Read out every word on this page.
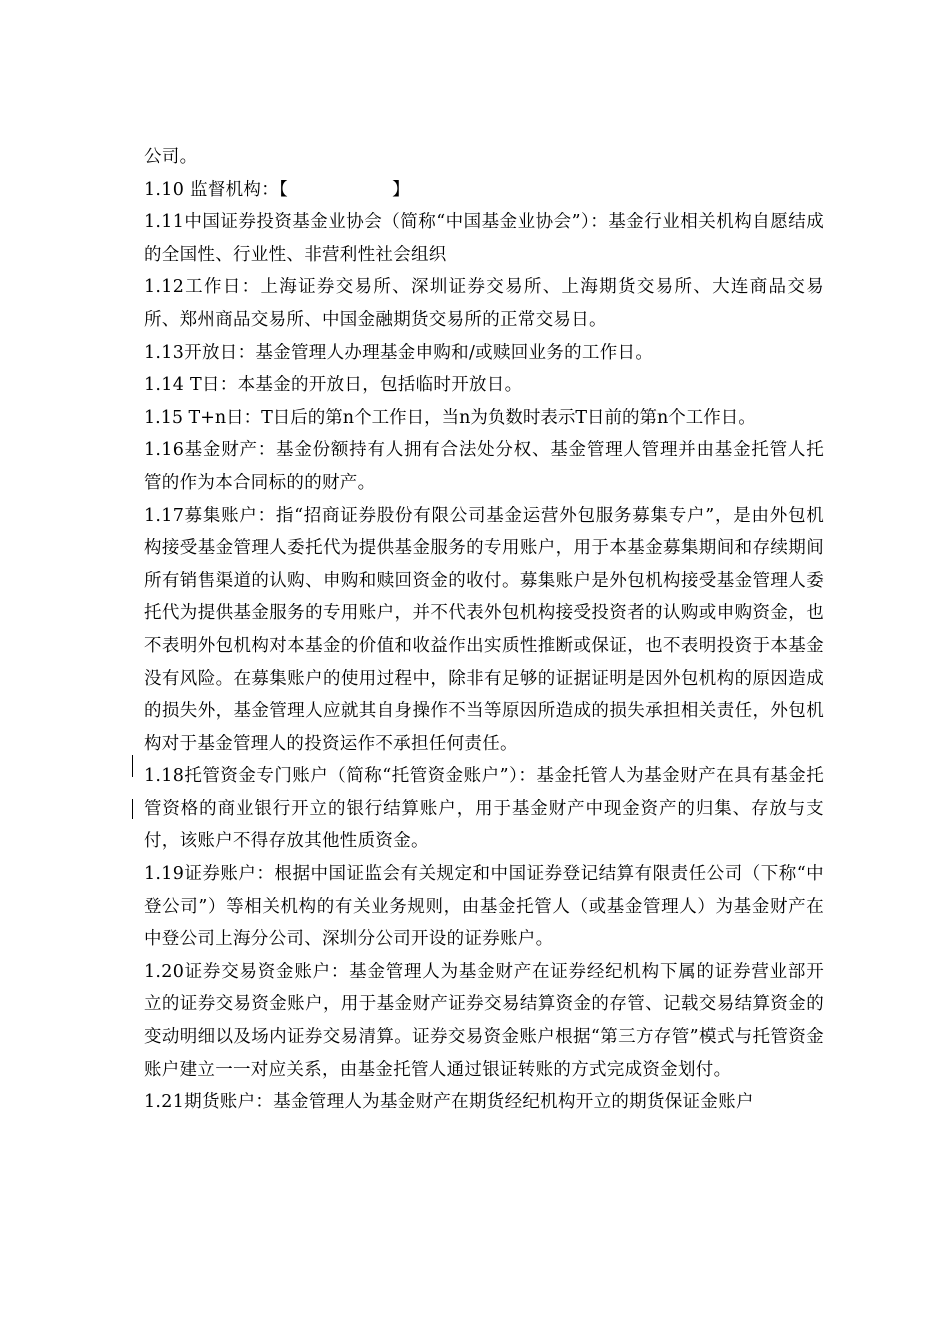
公司。

1.10 监督机构：【	】

1.11中国证券投资基金业协会（简称“中国基金业协会”）：基金行业相关机构自愿结成的全国性、行业性、非营利性社会组织

1.12工作日：上海证券交易所、深圳证券交易所、上海期货交易所、大连商品交易所、郑州商品交易所、中国金融期货交易所的正常交易日。

1.13开放日：基金管理人办理基金申购和/或赎回业务的工作日。

1.14 T日：本基金的开放日，包括临时开放日。

1.15 T+n日：T日后的第n个工作日，当n为负数时表示T日前的第n个工作日。

1.16基金财产：基金份额持有人拥有合法处分权、基金管理人管理并由基金托管人托管的作为本合同标的的财产。

1.17募集账户：指“招商证券股份有限公司基金运营外包服务募集专户”，是由外包机构接受基金管理人委托代为提供基金服务的专用账户，用于本基金募集期间和存续期间所有销售渠道的认购、申购和赎回资金的收付。募集账户是外包机构接受基金管理人委托代为提供基金服务的专用账户，并不代表外包机构接受投资者的认购或申购资金，也不表明外包机构对本基金的价值和收益作出实质性推断或保证，也不表明投资于本基金没有风险。在募集账户的使用过程中，除非有足够的证据证明是因外包机构的原因造成的损失外，基金管理人应就其自身操作不当等原因所造成的损失承担相关责任，外包机构对于基金管理人的投资运作不承担任何责任。

1.18托管资金专门账户（简称“托管资金账户”）：基金托管人为基金财产在具有基金托管资格的商业银行开立的银行结算账户，用于基金财产中现金资产的归集、存放与支付，该账户不得存放其他性质资金。

1.19证券账户：根据中国证监会有关规定和中国证券登记结算有限责任公司（下称“中登公司”）等相关机构的有关业务规则，由基金托管人（或基金管理人）为基金财产在中登公司上海分公司、深圳分公司开设的证券账户。

1.20证券交易资金账户：基金管理人为基金财产在证券经纪机构下属的证券营业部开立的证券交易资金账户，用于基金财产证券交易结算资金的存管、记载交易结算资金的变动明细以及场内证券交易清算。证券交易资金账户根据“第三方存管”模式与托管资金账户建立一一对应关系，由基金托管人通过银证转账的方式完成资金划付。

1.21期货账户：基金管理人为基金财产在期货经纪机构开立的期货保证金账户
